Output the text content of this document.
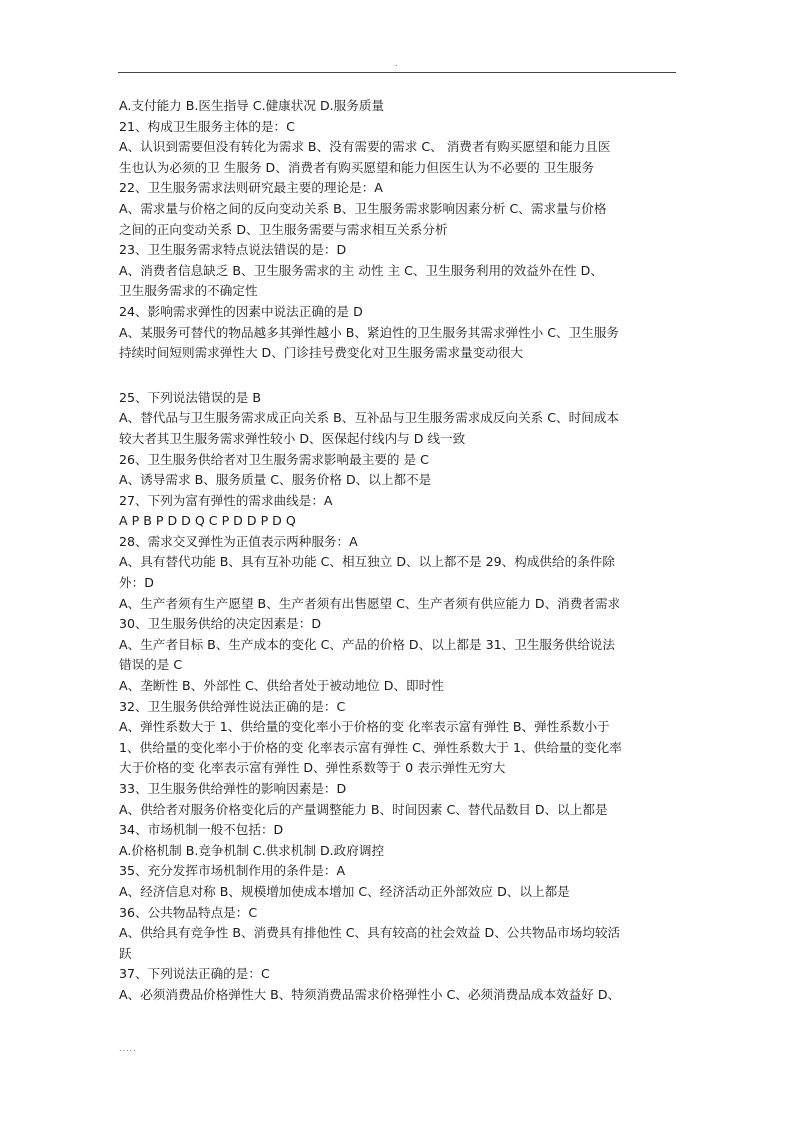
.
A.支付能力 B.医生指导 C.健康状况 D.服务质量
21、构成卫生服务主体的是：C
A、认识到需要但没有转化为需求 B、没有需要的需求 C、 消费者有购买愿望和能力且医
生也认为必须的卫 生服务 D、消费者有购买愿望和能力但医生认为不必要的 卫生服务
22、卫生服务需求法则研究最主要的理论是：A
A、需求量与价格之间的反向变动关系 B、卫生服务需求影响因素分析 C、需求量与价格
之间的正向变动关系 D、卫生服务需要与需求相互关系分析
23、卫生服务需求特点说法错误的是：D
A、消费者信息缺乏 B、卫生服务需求的主 动性 主 C、卫生服务利用的效益外在性 D、
卫生服务需求的不确定性
24、影响需求弹性的因素中说法正确的是 D
A、某服务可替代的物品越多其弹性越小 B、紧迫性的卫生服务其需求弹性小 C、卫生服务
持续时间短则需求弹性大 D、门诊挂号费变化对卫生服务需求量变动很大
25、下列说法错误的是 B
A、替代品与卫生服务需求成正向关系 B、互补品与卫生服务需求成反向关系 C、时间成本
较大者其卫生服务需求弹性较小 D、医保起付线内与 D 线一致
26、卫生服务供给者对卫生服务需求影响最主要的 是 C
A、诱导需求 B、服务质量 C、服务价格 D、以上都不是
27、下列为富有弹性的需求曲线是：A
A P B P D D Q C P D D P D Q
28、需求交叉弹性为正值表示两种服务：A
A、具有替代功能 B、具有互补功能 C、相互独立 D、以上都不是 29、构成供给的条件除
外：D
A、生产者须有生产愿望 B、生产者须有出售愿望 C、生产者须有供应能力 D、消费者需求
30、卫生服务供给的决定因素是：D
A、生产者目标 B、生产成本的变化 C、产品的价格 D、以上都是 31、卫生服务供给说法
错误的是 C
A、垄断性 B、外部性 C、供给者处于被动地位 D、即时性
32、卫生服务供给弹性说法正确的是：C
A、弹性系数大于 1、供给量的变化率小于价格的变 化率表示富有弹性 B、弹性系数小于
1、供给量的变化率小于价格的变 化率表示富有弹性 C、弹性系数大于 1、供给量的变化率
大于价格的变 化率表示富有弹性 D、弹性系数等于 0 表示弹性无穷大
33、卫生服务供给弹性的影响因素是：D
A、供给者对服务价格变化后的产量调整能力 B、时间因素 C、替代品数目 D、以上都是
34、市场机制一般不包括：D
A.价格机制 B.竞争机制 C.供求机制 D.政府调控
35、充分发挥市场机制作用的条件是：A
A、经济信息对称 B、规模增加使成本增加 C、经济活动正外部效应 D、以上都是
36、公共物品特点是：C
A、供给具有竞争性 B、消费具有排他性 C、具有较高的社会效益 D、公共物品市场均较活
跃
37、下列说法正确的是：C
A、必须消费品价格弹性大 B、特须消费品需求价格弹性小 C、必须消费品成本效益好 D、
.....
